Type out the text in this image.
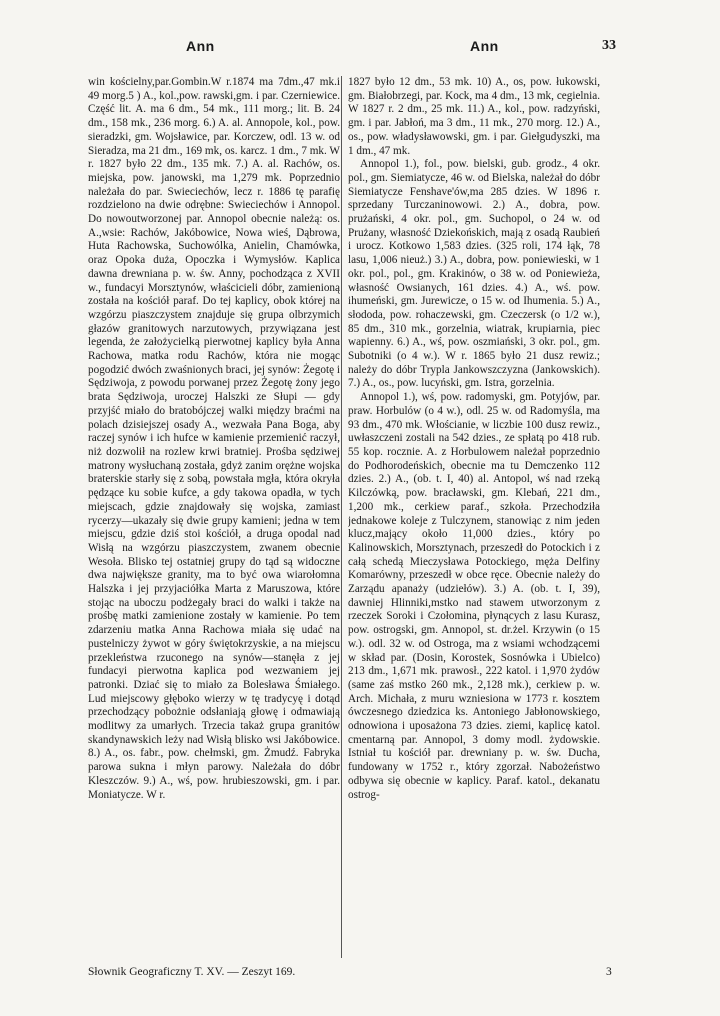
Ann	Ann	33

win kościelny,par.Gombin.W r.1874 ma 7dm.,47 mk.i 49 morg.5 ) A., kol.,pow. rawski,gm. i par. Czerniewice. Część lit. A. ma 6 dm., 54 mk., 111 morg.; lit. B. 24 dm., 158 mk., 236 morg. 6.) A. al. Annopole, kol., pow. sieradzki, gm. Wojsławice, par. Korczew, odl. 13 w. od Sieradza, ma 21 dm., 169 mk, os. karcz. 1 dm., 7 mk. W r. 1827 było 22 dm., 135 mk. 7.) A. al. Rachów, os. miejska, pow. janowski, ma 1,279 mk. Poprzednio należała do par. Swieciechów, lecz r. 1886 tę parafię rozdzielono na dwie odrębne: Swieciechów i Annopol. Do nowoutworzonej par. Annopol obecnie należą: os. A.,wsie: Rachów, Jakóbowice, Nowa wieś, Dąbrowa, Huta Rachowska, Suchowólka, Anielin, Chamówka, oraz Opoka duża, Opoczka i Wymysłów. Kaplica dawna drewniana p. w. św. Anny, pochodząca z XVII w., fundacyi Morsztynów, właścicieli dóbr, zamienioną została na kościół paraf. Do tej kaplicy, obok której na wzgórzu piaszczystem znajduje się grupa olbrzymich głazów granitowych narzutowych, przywiązana jest legenda, że założycielką pierwotnej kaplicy była Anna Rachowa, matka rodu Rachów, która nie mogąc pogodzić dwóch zwaśnionych braci, jej synów: Żegotę i Sędziwoja, z powodu porwanej przez Żegotę żony jego brata Sędziwoja, uroczej Halszki ze Słupi — gdy przyjść miało do bratobójczej walki między braćmi na polach dzisiejszej osady A., wezwała Pana Boga, aby raczej synów i ich hufce w kamienie przemienić raczył, niż dozwolił na rozlew krwi bratniej. Prośba sędziwej matrony wysłuchaną została, gdyż zanim orężne wojska braterskie starły się z sobą, powstała mgła, która okryła pędzące ku sobie kufce, a gdy takowa opadła, w tych miejscach, gdzie znajdowały się wojska, zamiast rycerzy—ukazały się dwie grupy kamieni; jedna w tem miejscu, gdzie dziś stoi kościół, a druga opodal nad Wisłą na wzgórzu piaszczystem, zwanem obecnie Wesoła. Blisko tej ostatniej grupy do tąd są widoczne dwa największe granity, ma to być owa wiarołomna Halszka i jej przyjaciółka Marta z Maruszowa, które stojąc na uboczu podżegały braci do walki i także na prośbę matki zamienione zostały w kamienie. Po tem zdarzeniu matka Anna Rachowa miała się udać na pustelniczy żywot w góry świętokrzyskie, a na miejscu przekleństwa rzuconego na synów—stanęła z jej fundacyi pierwotna kaplica pod wezwaniem jej patronki. Dziać się to miało za Bolesława Śmiałego. Lud miejscowy głęboko wierzy w tę tradycyę i dotąd przechodzący pobożnie odsłaniają głowę i odmawiają modlitwy za umarłych. Trzecia takaż grupa granitów skandynawskich leży nad Wisłą blisko wsi Jakóbowice. 8.) A., os. fabr., pow. chełmski, gm. Żmudź. Fabryka parowa sukna i młyn parowy. Należała do dóbr Kleszczów. 9.) A., wś, pow. hrubieszowski, gm. i par. Moniatycze. W r.

1827 było 12 dm., 53 mk. 10) A., os, pow. łukowski, gm. Białobrzegi, par. Kock, ma 4 dm., 13 mk, cegielnia. W 1827 r. 2 dm., 25 mk. 11.) A., kol., pow. radzyński, gm. i par. Jabłoń, ma 3 dm., 11 mk., 270 morg. 12.) A., os., pow. władysławowski, gm. i par. Giełgudyszki, ma 1 dm., 47 mk.

Annopol 1.), fol., pow. bielski, gub. grodz., 4 okr. pol., gm. Siemiatycze, 46 w. od Bielska, należał do dóbr Siemiatycze Fenshave'ów,ma 285 dzies. W 1896 r. sprzedany Turczaninowowi. 2.) A., dobra, pow. prużański, 4 okr. pol., gm. Suchopol, o 24 w. od Prużany, własność Dziekońskich, mają z osadą Raubień i urocz. Kotkowo 1,583 dzies. (325 roli, 174 łąk, 78 lasu, 1,006 nieuż.) 3.) A., dobra, pow. poniewieski, w 1 okr. pol., pol., gm. Krakinów, o 38 w. od Poniewieża, własność Owsianych, 161 dzies. 4.) A., wś. pow. ihumeński, gm. Jurewicze, o 15 w. od Ihumenia. 5.) A., słododa, pow. rohaczewski, gm. Czeczersk (o 1/2 w.), 85 dm., 310 mk., gorzelnia, wiatrak, krupiarnia, piec wapienny. 6.) A., wś, pow. oszmiański, 3 okr. pol., gm. Subotniki (o 4 w.). W r. 1865 było 21 dusz rewiz.; należy do dóbr Trypla Jankowszczyzna (Jankowskich). 7.) A., os., pow. lucyński, gm. Istra, gorzelnia.

Annopol 1.), wś, pow. radomyski, gm. Potyjów, par. praw. Horbulów (o 4 w.), odl. 25 w. od Radomyśla, ma 93 dm., 470 mk. Włościanie, w liczbie 100 dusz rewiz., uwłaszczeni zostali na 542 dzies., ze spłatą po 418 rub. 55 kop. rocznie. A. z Horbulowem należał poprzednio do Podhorodeńskich, obecnie ma tu Demczenko 112 dzies. 2.) A., (ob. t. I, 40) al. Antopol, wś nad rzeką Kilczówką, pow. bracławski, gm. Klebań, 221 dm., 1,200 mk., cerkiew paraf., szkoła. Przechodziła jednakowe koleje z Tulczynem, stanowiąc z nim jeden klucz,mający około 11,000 dzies., który po Kalinowskich, Morsztynach, przeszedł do Potockich i z całą schedą Mieczysława Potockiego, męża Delfiny Komarówny, przeszedł w obce ręce. Obecnie należy do Zarządu apanaży (udziełów). 3.) A. (ob. t. I, 39), dawniej Hlinniki,mstko nad stawem utworzonym z rzeczek Soroki i Czołomina, płynących z lasu Kurasz, pow. ostrogski, gm. Annopol, st. dr.żel. Krzywin (o 15 w.). odl. 32 w. od Ostroga, ma z wsiami wchodzącemi w skład par. (Dosin, Korostek, Sosnówka i Ubielco) 213 dm., 1,671 mk. prawosł., 222 katol. i 1,970 żydów (same zaś mstko 260 mk., 2,128 mk.), cerkiew p. w. Arch. Michała, z muru wzniesiona w 1773 r. kosztem ówczesnego dziedzica ks. Antoniego Jabłonowskiego, odnowiona i uposażona 73 dzies. ziemi, kaplicę katol. cmentarną par. Annopol, 3 domy modl. żydowskie. Istniał tu kościół par. drewniany p. w. św. Ducha, fundowany w 1752 r., który zgorzał. Nabożeństwo odbywa się obecnie w kaplicy. Paraf. katol., dekanatu ostrog-

Słownik Geograficzny T. XV. — Zeszyt 169.	3
